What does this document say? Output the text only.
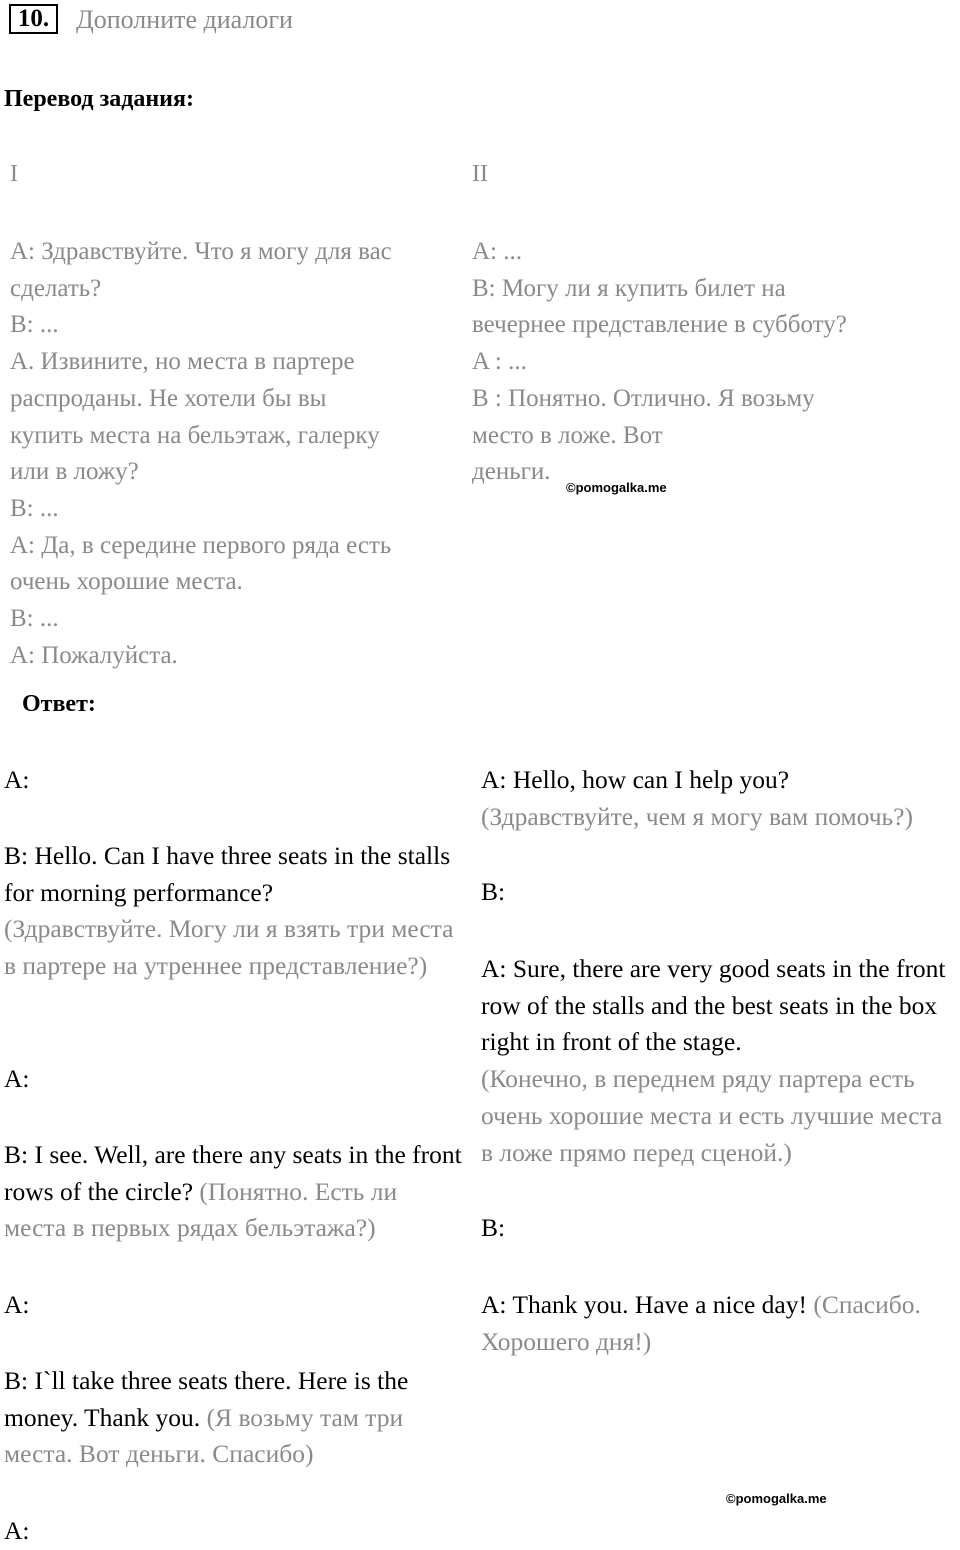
10.	Дополните диалоги
Перевод задания:
I	II
A: Здравствуйте. Что я могу для вас
сделать?
B: ...
A. Извините, но места в партере
распроданы. Не хотели бы вы
купить места на бельэтаж, галерку
или в ложу?
B: ...
A: Да, в середине первого ряда есть
очень хорошие места.
B: ...
A: Пожалуйста.
A: ...
B: Могу ли я купить билет на
вечернее представление в субботу?
A : ...
B : Понятно. Отлично. Я возьму
место в ложе. Вот
деньги.
©pomogalka.me
Ответ:
A:

B: Hello. Can I have three seats in the stalls for morning performance?

(Здравствуйте. Могу ли я взять три места в партере на утреннее представление?)

A:
B: I see. Well, are there any seats in the front rows of the circle? (Понятно. Есть ли места в первых рядах бельэтажа?)
A:
B: I`ll take three seats there. Here is the money. Thank you. (Я возьму там три места. Вот деньги. Спасибо)
A:

A: Hello, how can I help you?

(Здравствуйте, чем я могу вам помочь?)

B:

A: Sure, there are very good seats in the front row of the stalls and the best seats in the box right in front of the stage.

(Конечно, в переднем ряду партера есть очень хорошие места и есть лучшие места в ложе прямо перед сценой.)

B:
A: Thank you. Have a nice day! (Спасибо. Хорошего дня!)
©pomogalka.me
